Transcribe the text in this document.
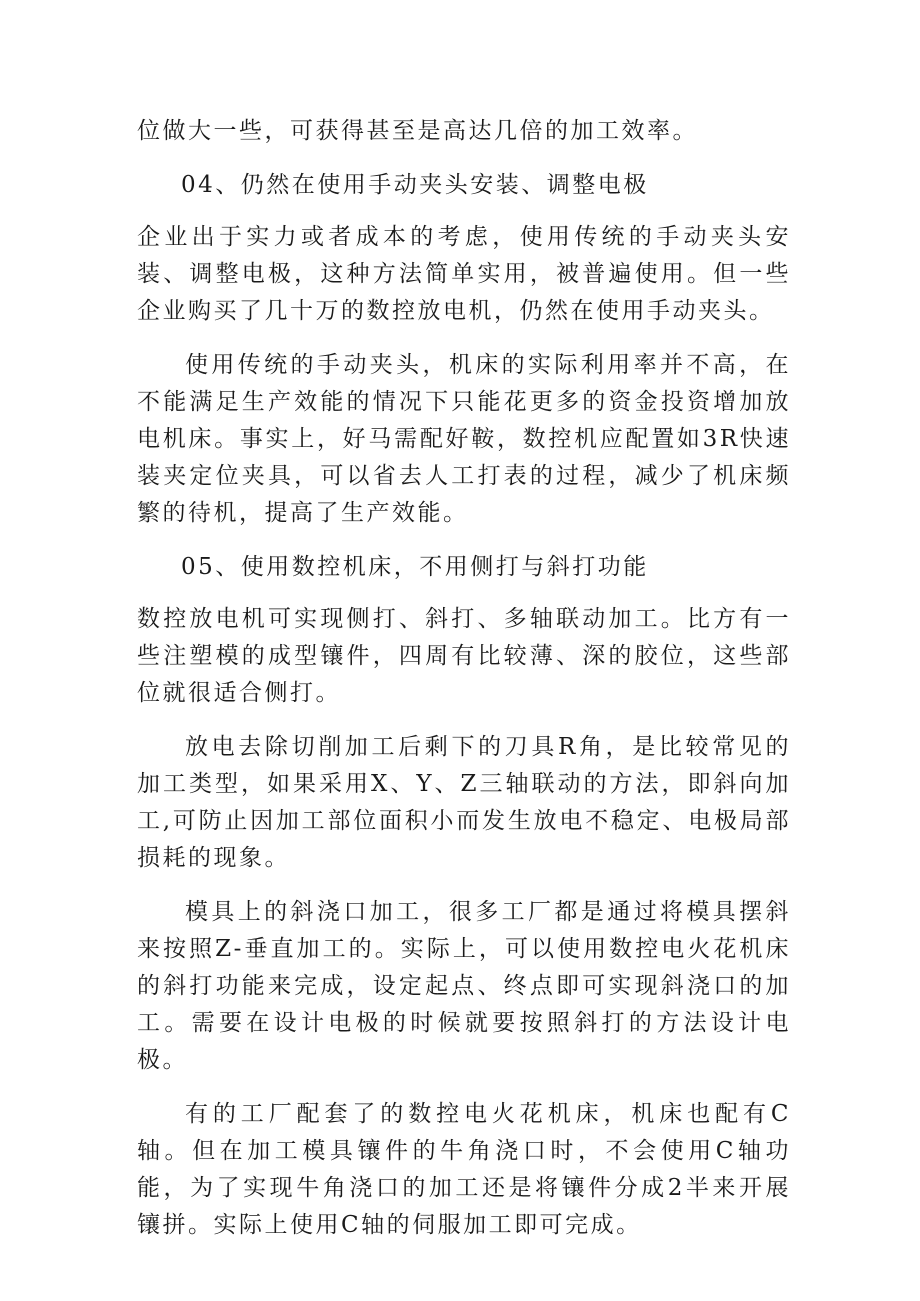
位做大一些，可获得甚至是高达几倍的加工效率。

04、仍然在使用手动夹头安装、调整电极

企业出于实力或者成本的考虑，使用传统的手动夹头安装、调整电极，这种方法简单实用，被普遍使用。但一些企业购买了几十万的数控放电机，仍然在使用手动夹头。

使用传统的手动夹头，机床的实际利用率并不高，在不能满足生产效能的情况下只能花更多的资金投资增加放电机床。事实上，好马需配好鞍，数控机应配置如3R快速装夹定位夹具，可以省去人工打表的过程，减少了机床频繁的待机，提高了生产效能。

05、使用数控机床，不用侧打与斜打功能

数控放电机可实现侧打、斜打、多轴联动加工。比方有一些注塑模的成型镶件，四周有比较薄、深的胶位，这些部位就很适合侧打。

放电去除切削加工后剩下的刀具R角，是比较常见的加工类型，如果采用X、Y、Z三轴联动的方法，即斜向加工,可防止因加工部位面积小而发生放电不稳定、电极局部损耗的现象。

模具上的斜浇口加工，很多工厂都是通过将模具摆斜来按照Z-垂直加工的。实际上，可以使用数控电火花机床的斜打功能来完成，设定起点、终点即可实现斜浇口的加工。需要在设计电极的时候就要按照斜打的方法设计电极。

有的工厂配套了的数控电火花机床，机床也配有C轴。但在加工模具镶件的牛角浇口时，不会使用C轴功能，为了实现牛角浇口的加工还是将镶件分成2半来开展镶拼。实际上使用C轴的伺服加工即可完成。
